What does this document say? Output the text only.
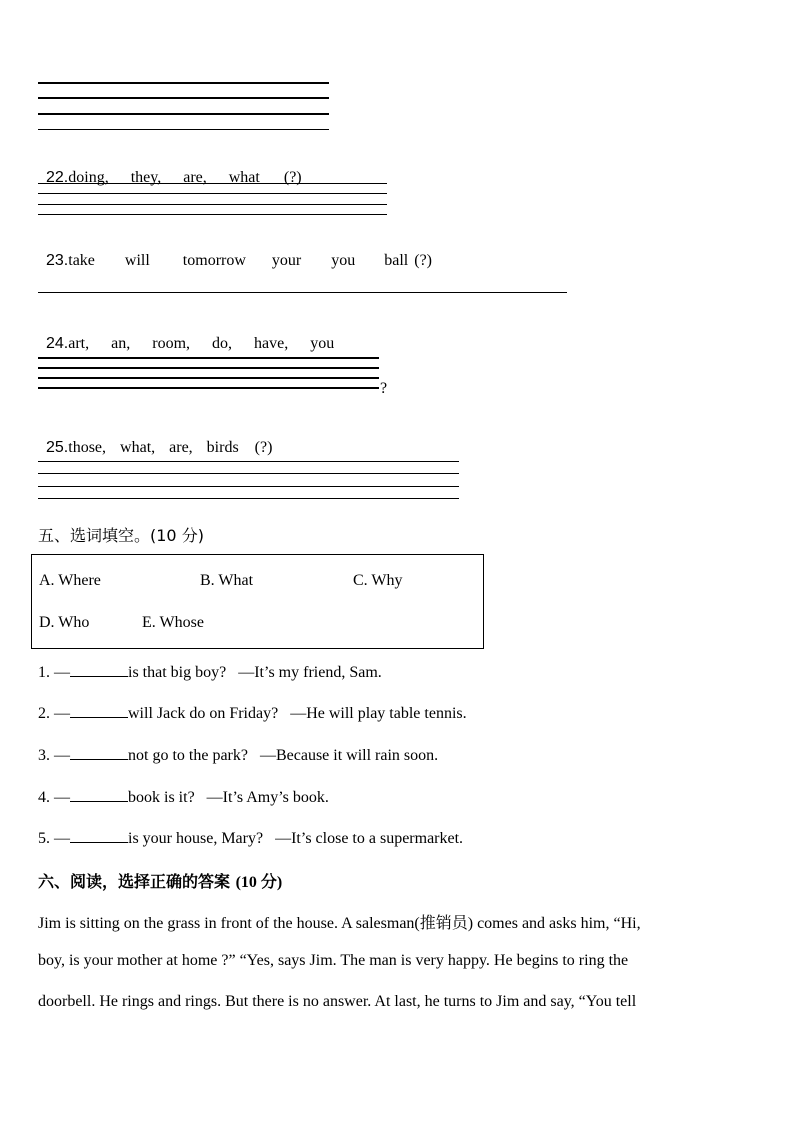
22.doing, they, are, what (?)

23.take will tomorrow your you ball (?)

24.art, an, room, do, have, you

?

25.those, what, are, birds (?)

五、选词填空。(10 分)
A. Where	B. What	C. Why
D. Who	E. Whose
1. —	is that big boy? —It’s my friend, Sam.
2. —	will Jack do on Friday? —He will play table tennis.
3. —	not go to the park? —Because it will rain soon.
4. —	book is it? —It’s Amy’s book.
5. —	is your house, Mary? —It’s close to a supermarket.
六、阅读，选择正确的答案 (10 分)
Jim is sitting on the grass in front of the house. A salesman(推销员) comes and asks him, “Hi,
boy, is your mother at home ?” “Yes, says Jim. The man is very happy. He begins to ring the
doorbell. He rings and rings. But there is no answer. At last, he turns to Jim and say, “You tell
